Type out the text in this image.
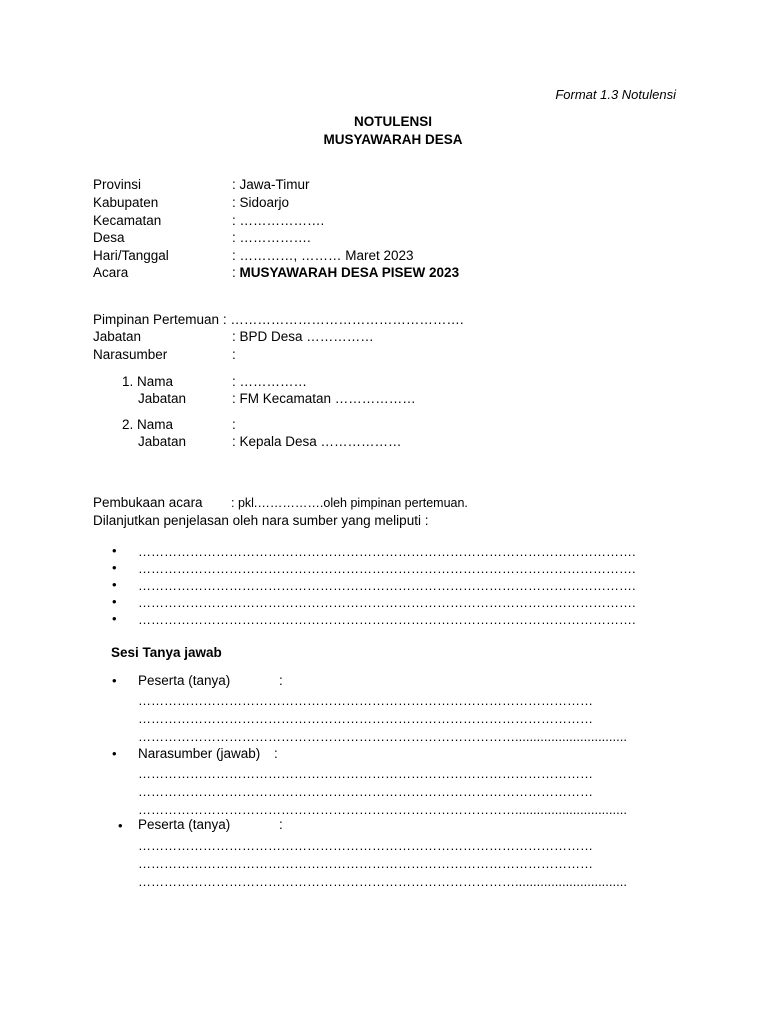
Format 1.3 Notulensi
NOTULENSI
MUSYAWARAH DESA
Provinsi	: Jawa-Timur
Kabupaten	: Sidoarjo
Kecamatan	: ……………….
Desa	: …………….
Hari/Tanggal	: …………, ……… Maret 2023
Acara	: MUSYAWARAH DESA PISEW 2023
Pimpinan Pertemuan : …………………………………………….
Jabatan	: BPD Desa ……………
Narasumber	:
1. Nama	: ……………
Jabatan	: FM Kecamatan ………………
2. Nama	:
Jabatan	: Kepala Desa ………………
Pembukaan acara : pkl.…………….oleh pimpinan pertemuan.
Dilanjutkan penjelasan oleh nara sumber yang meliputi :
• …………………………………………………………………………………………………….
• …………………………………………………………………………………………………….
• …………………………………………………………………………………………………….
• …………………………………………………………………………………………………….
• …………………………………………………………………………………………………….
Sesi Tanya jawab
• Peserta (tanya)	:
……………………………………………………………………………………………
……………………………………………………………………………………………
……………………………………………………………………………...............................
• Narasumber (jawab) :
……………………………………………………………………………………………
……………………………………………………………………………………………
……………………………………………………………………………...............................
• Peserta (tanya)	:
……………………………………………………………………………………………
……………………………………………………………………………………………
……………………………………………………………………………...............................
